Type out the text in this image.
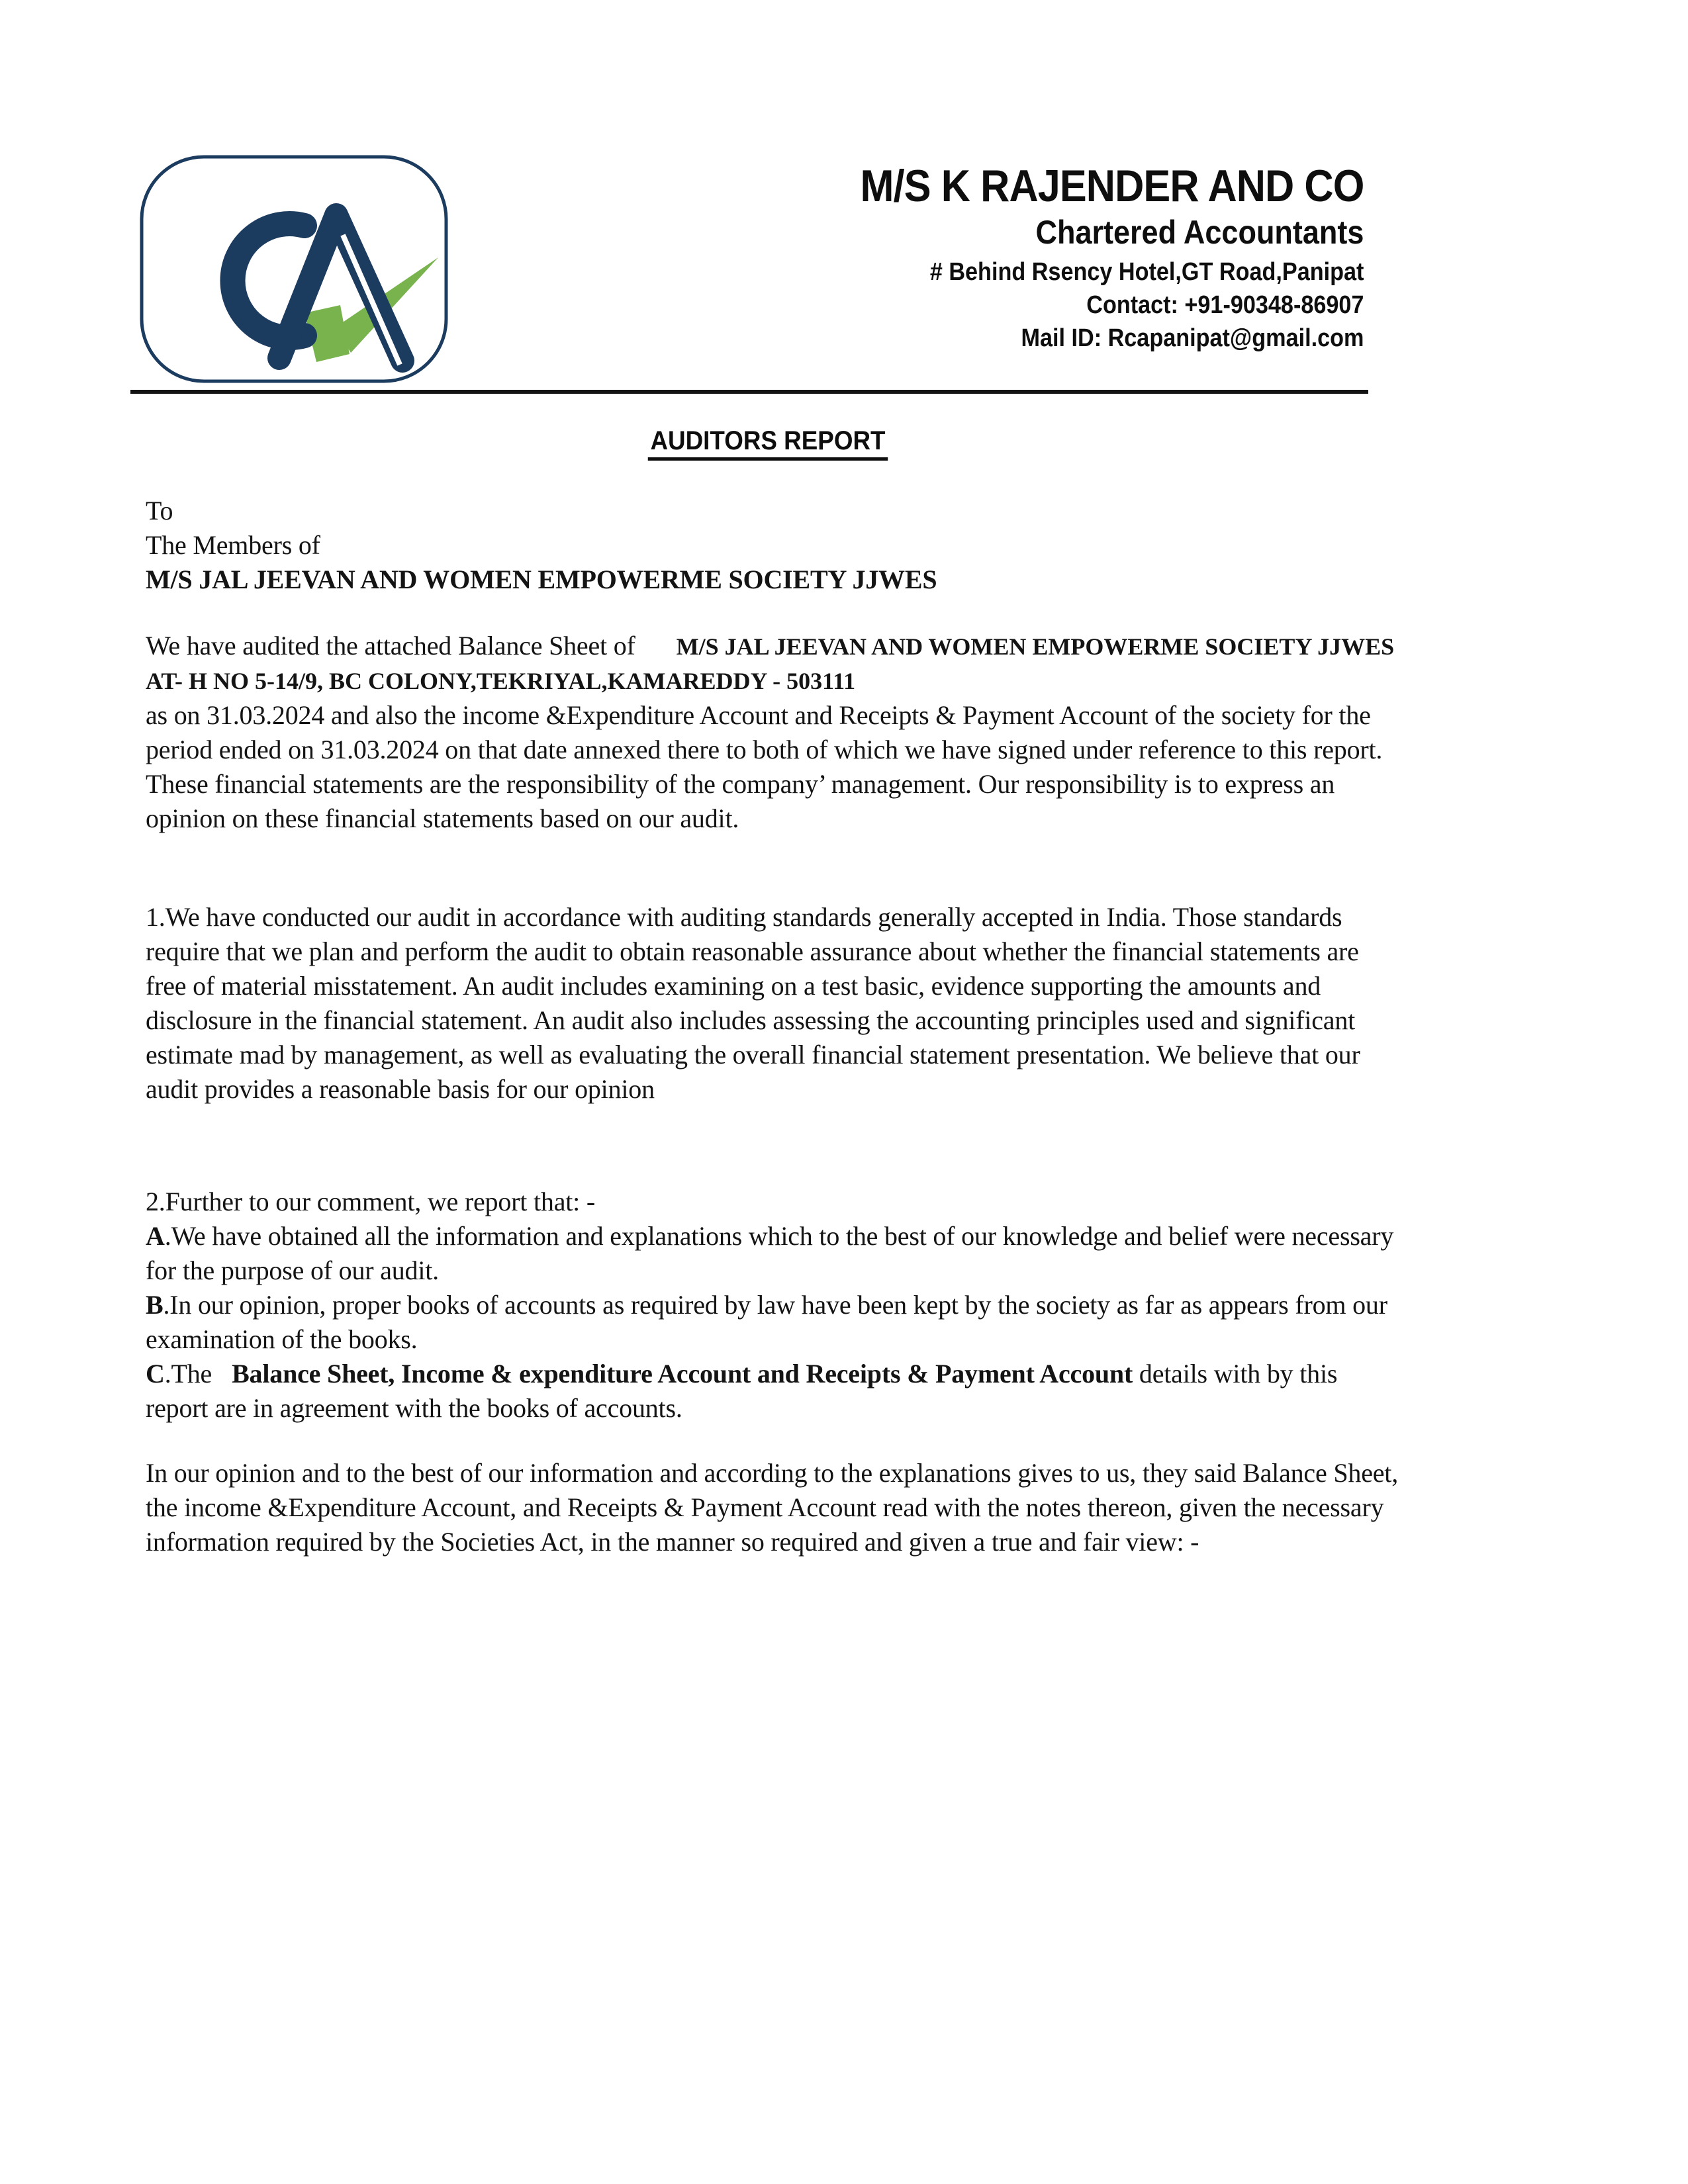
M/S K RAJENDER AND CO
Chartered Accountants
# Behind Rsency Hotel,GT Road,Panipat
Contact: +91-90348-86907
Mail ID: Rcapanipat@gmail.com
AUDITORS REPORT
To
The Members of
M/S JAL JEEVAN AND WOMEN EMPOWERME SOCIETY JJWES
We have audited the attached Balance Sheet of M/S JAL JEEVAN AND WOMEN EMPOWERME SOCIETY JJWES
AT- H NO 5-14/9, BC COLONY,TEKRIYAL,KAMAREDDY - 503111
as on 31.03.2024 and also the income &Expenditure Account and Receipts & Payment Account of the society for the period ended on 31.03.2024 on that date annexed there to both of which we have signed under reference to this report. These financial statements are the responsibility of the company’ management. Our responsibility is to express an opinion on these financial statements based on our audit.
1.We have conducted our audit in accordance with auditing standards generally accepted in India. Those standards require that we plan and perform the audit to obtain reasonable assurance about whether the financial statements are free of material misstatement. An audit includes examining on a test basic, evidence supporting the amounts and disclosure in the financial statement. An audit also includes assessing the accounting principles used and significant estimate mad by management, as well as evaluating the overall financial statement presentation. We believe that our audit provides a reasonable basis for our opinion
2.Further to our comment, we report that: -
A.We have obtained all the information and explanations which to the best of our knowledge and belief were necessary for the purpose of our audit.
B.In our opinion, proper books of accounts as required by law have been kept by the society as far as appears from our examination of the books.
C.The Balance Sheet, Income & expenditure Account and Receipts & Payment Account details with by this report are in agreement with the books of accounts.
In our opinion and to the best of our information and according to the explanations gives to us, they said Balance Sheet, the income &Expenditure Account, and Receipts & Payment Account read with the notes thereon, given the necessary information required by the Societies Act, in the manner so required and given a true and fair view: -
